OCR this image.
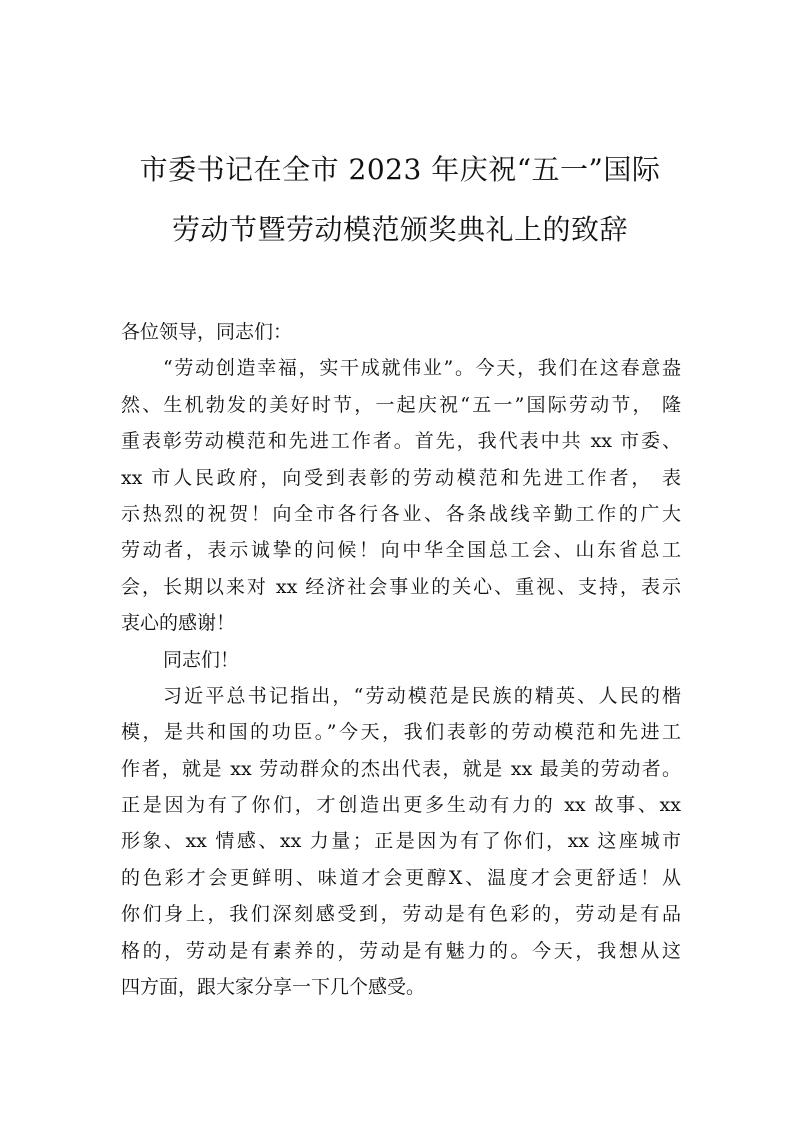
市委书记在全市 2023 年庆祝“五一”国际
劳动节暨劳动模范颁奖典礼上的致辞
各位领导，同志们：
“劳动创造幸福，实干成就伟业”。今天，我们在这春意盎
然、生机勃发的美好时节，一起庆祝“五一”国际劳动节， 隆
重表彰劳动模范和先进工作者。首先，我代表中共 xx 市委、
xx 市人民政府，向受到表彰的劳动模范和先进工作者， 表
示热烈的祝贺！向全市各行各业、各条战线辛勤工作的广大
劳动者，表示诚挚的问候！向中华全国总工会、山东省总工
会，长期以来对 xx 经济社会事业的关心、重视、支持，表示
衷心的感谢！
同志们！
习近平总书记指出，“劳动模范是民族的精英、人民的楷
模，是共和国的功臣。”今天，我们表彰的劳动模范和先进工
作者，就是 xx 劳动群众的杰出代表，就是 xx 最美的劳动者。
正是因为有了你们，才创造出更多生动有力的 xx 故事、xx
形象、xx 情感、xx 力量；正是因为有了你们，xx 这座城市
的色彩才会更鲜明、味道才会更醇X、温度才会更舒适！从
你们身上，我们深刻感受到，劳动是有色彩的，劳动是有品
格的，劳动是有素养的，劳动是有魅力的。今天，我想从这
四方面，跟大家分享一下几个感受。
